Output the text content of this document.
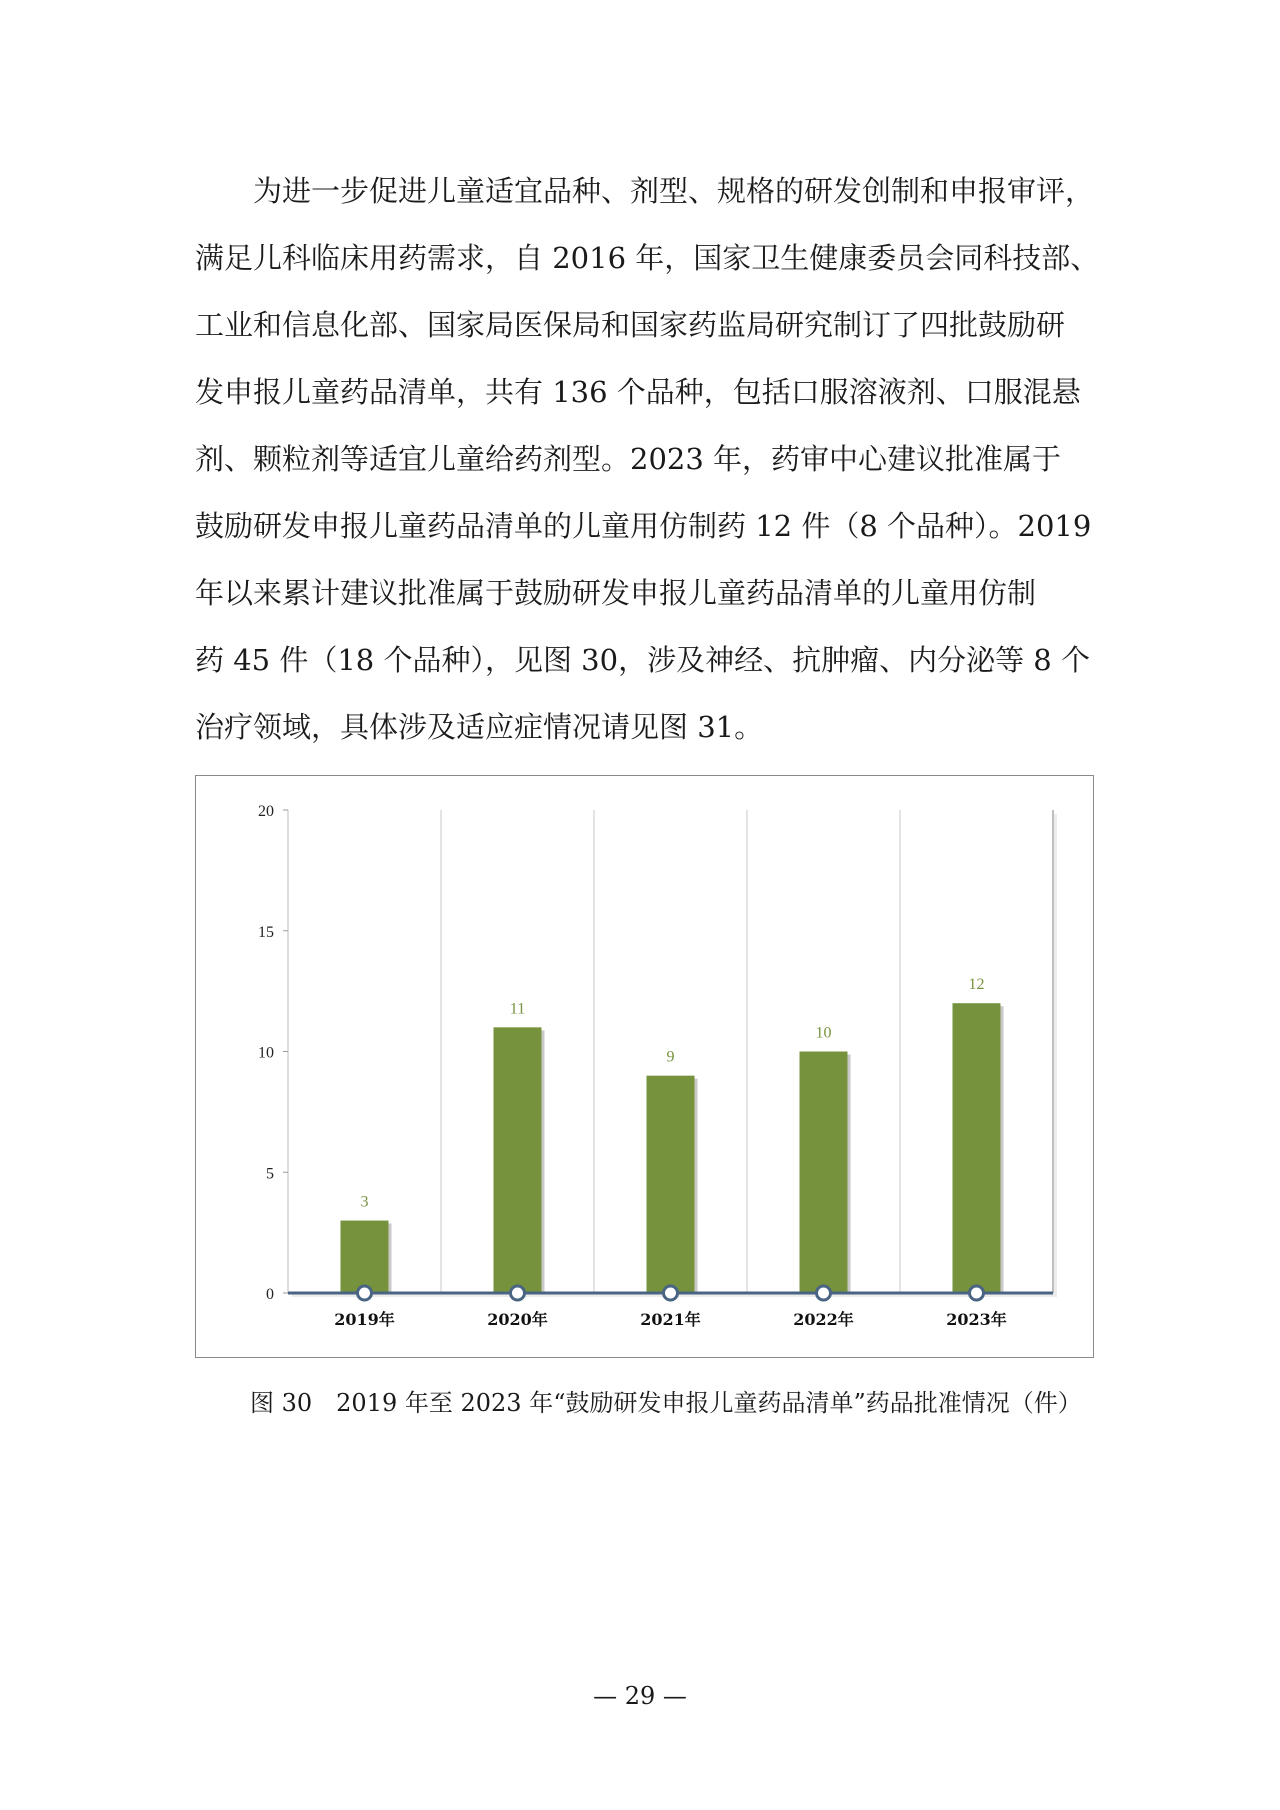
为进一步促进儿童适宜品种、剂型、规格的研发创制和申报审评，
满足儿科临床用药需求，自 2016 年，国家卫生健康委员会同科技部、
工业和信息化部、国家局医保局和国家药监局研究制订了四批鼓励研
发申报儿童药品清单，共有 136 个品种，包括口服溶液剂、口服混悬
剂、颗粒剂等适宜儿童给药剂型。2023 年，药审中心建议批准属于
鼓励研发申报儿童药品清单的儿童用仿制药 12 件（8 个品种）。2019
年以来累计建议批准属于鼓励研发申报儿童药品清单的儿童用仿制
药 45 件（18 个品种），见图 30，涉及神经、抗肿瘤、内分泌等 8 个
治疗领域，具体涉及适应症情况请见图 31。
0
5
10
15
20
3
11
9
10
12
2019年	2020年	2021年	2022年	2023年
图 30　2019 年至 2023 年“鼓励研发申报儿童药品清单”药品批准情况（件）
— 29 —
